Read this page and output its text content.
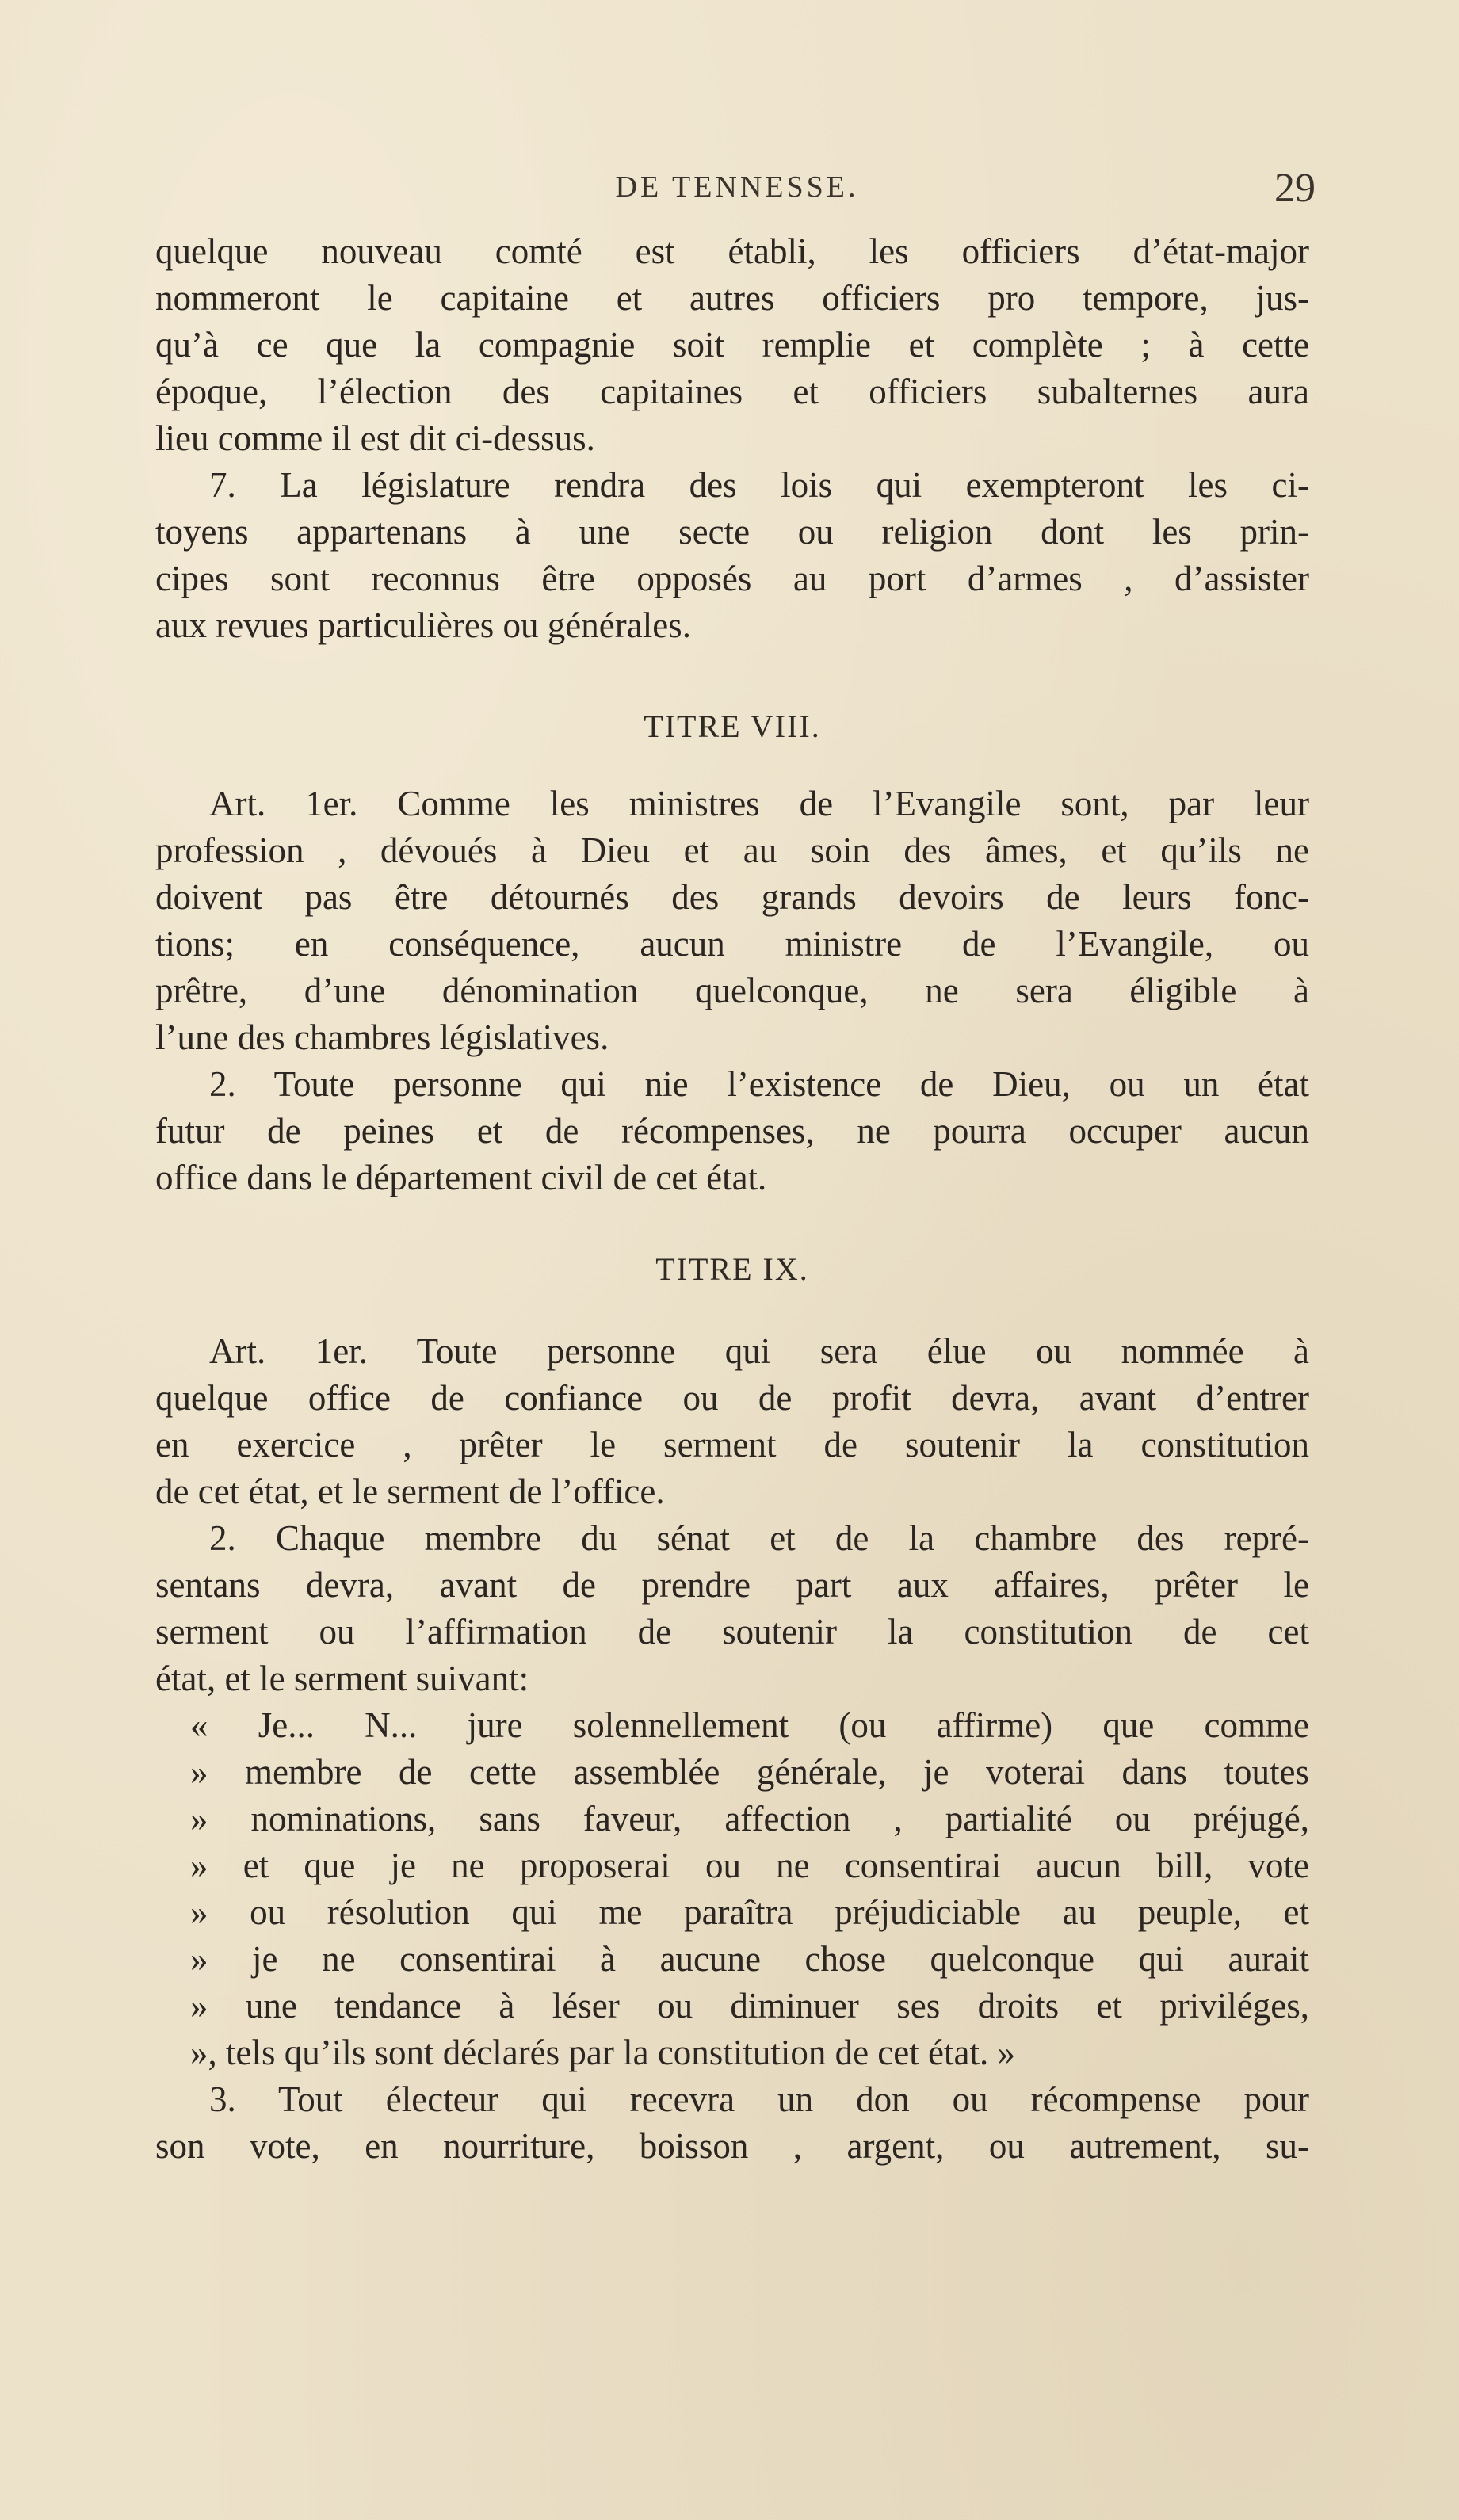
DE TENNESSE.	29
quelque nouveau comté est établi, les officiers d’état-major
nommeront le capitaine et autres officiers pro tempore, jus-
qu’à ce que la compagnie soit remplie et complète ; à cette
époque, l’élection des capitaines et officiers subalternes aura
lieu comme il est dit ci-dessus.
7. La législature rendra des lois qui exempteront les ci-
toyens appartenans à une secte ou religion dont les prin-
cipes sont reconnus être opposés au port d’armes , d’assister
aux revues particulières ou générales.
TITRE VIII.
Art. 1er. Comme les ministres de l’Evangile sont, par leur
profession , dévoués à Dieu et au soin des âmes, et qu’ils ne
doivent pas être détournés des grands devoirs de leurs fonc-
tions; en conséquence, aucun ministre de l’Evangile, ou
prêtre, d’une dénomination quelconque, ne sera éligible à
l’une des chambres législatives.
2. Toute personne qui nie l’existence de Dieu, ou un état
futur de peines et de récompenses, ne pourra occuper aucun
office dans le département civil de cet état.
TITRE IX.
Art. 1er. Toute personne qui sera élue ou nommée à
quelque office de confiance ou de profit devra, avant d’entrer
en exercice , prêter le serment de soutenir la constitution
de cet état, et le serment de l’office.
2. Chaque membre du sénat et de la chambre des repré-
sentans devra, avant de prendre part aux affaires, prêter le
serment ou l’affirmation de soutenir la constitution de cet
état, et le serment suivant:
« Je... N... jure solennellement (ou affirme) que comme
» membre de cette assemblée générale, je voterai dans toutes
» nominations, sans faveur, affection , partialité ou préjugé,
» et que je ne proposerai ou ne consentirai aucun bill, vote
» ou résolution qui me paraîtra préjudiciable au peuple, et
» je ne consentirai à aucune chose quelconque qui aurait
» une tendance à léser ou diminuer ses droits et priviléges,
», tels qu’ils sont déclarés par la constitution de cet état. »
3. Tout électeur qui recevra un don ou récompense pour
son vote, en nourriture, boisson , argent, ou autrement, su-
